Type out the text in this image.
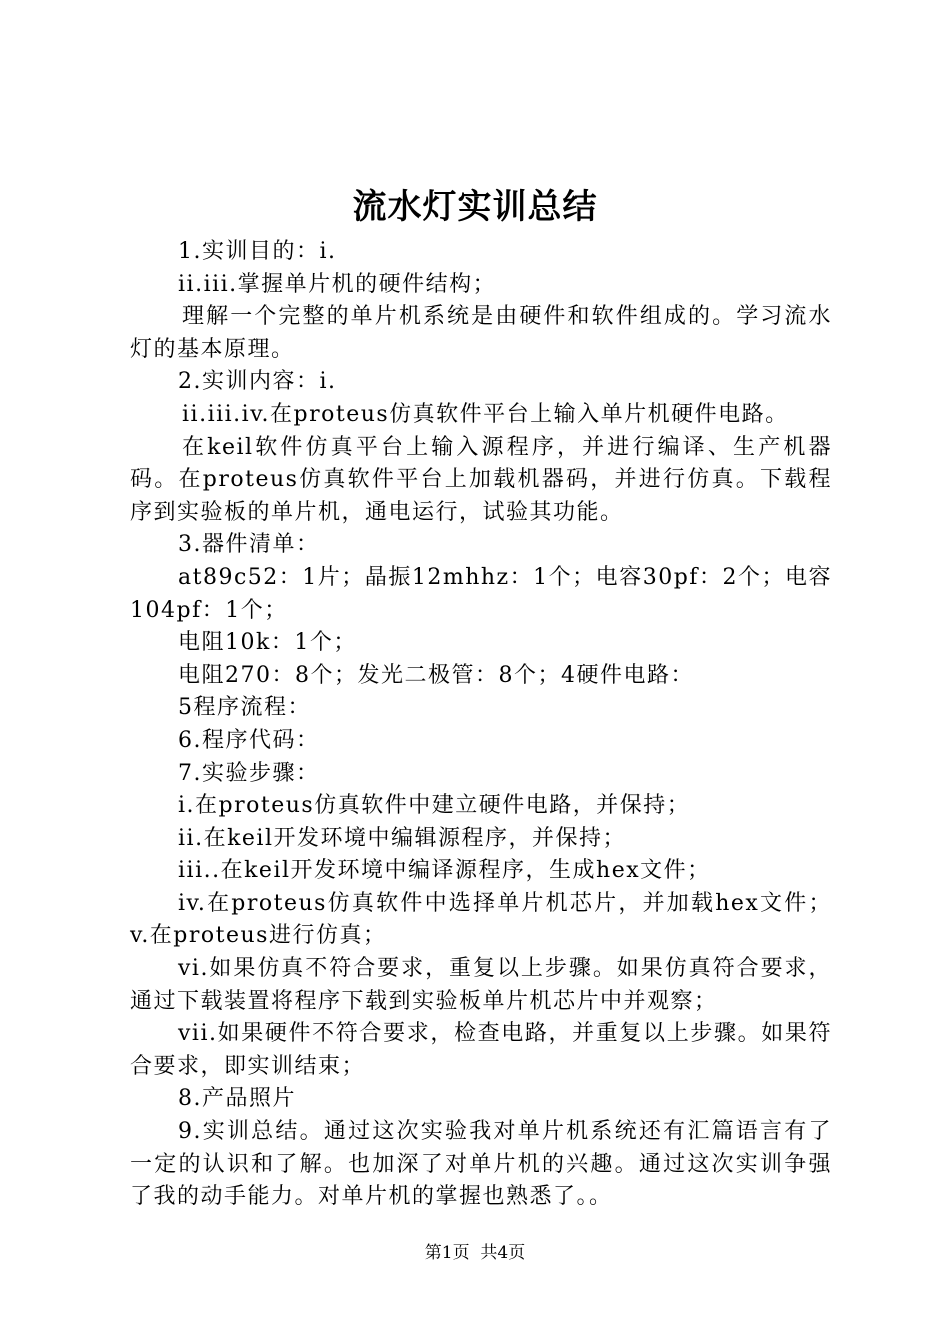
流水灯实训总结

1.实训目的：i.

ii.iii.掌握单片机的硬件结构；

理解一个完整的单片机系统是由硬件和软件组成的。学习流水灯的基本原理。

2.实训内容：i.

ii.iii.iv.在proteus仿真软件平台上输入单片机硬件电路。

在keil软件仿真平台上输入源程序，并进行编译、生产机器码。在proteus仿真软件平台上加载机器码，并进行仿真。下载程序到实验板的单片机，通电运行，试验其功能。

3.器件清单：

at89c52：1片；晶振12mhhz：1个；电容30pf：2个；电容104pf：1个；

电阻10k：1个；

电阻270：8个；发光二极管：8个；4硬件电路：

5程序流程：

6.程序代码：

7.实验步骤：

i.在proteus仿真软件中建立硬件电路，并保持；

ii.在keil开发环境中编辑源程序，并保持；

iii..在keil开发环境中编译源程序，生成hex文件；

iv.在proteus仿真软件中选择单片机芯片，并加载hex文件；v.在proteus进行仿真；

vi.如果仿真不符合要求，重复以上步骤。如果仿真符合要求，通过下载装置将程序下载到实验板单片机芯片中并观察；

vii.如果硬件不符合要求，检查电路，并重复以上步骤。如果符合要求，即实训结束；

8.产品照片

9.实训总结。通过这次实验我对单片机系统还有汇篇语言有了一定的认识和了解。也加深了对单片机的兴趣。通过这次实训争强了我的动手能力。对单片机的掌握也熟悉了。。

第1页 共4页
